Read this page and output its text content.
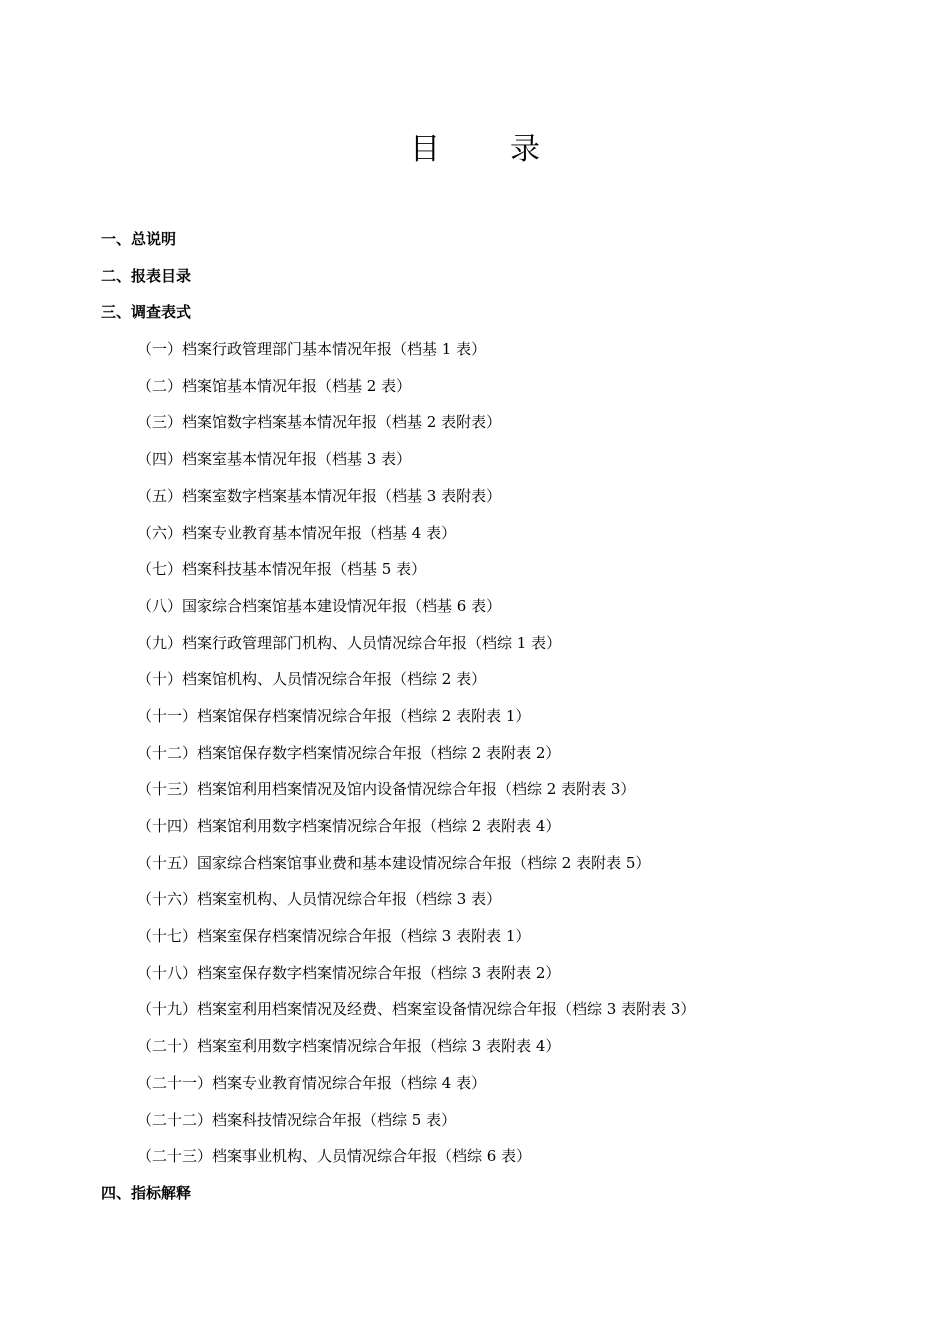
目 录
一、总说明
二、报表目录
三、调查表式
（一）档案行政管理部门基本情况年报（档基 1 表）
（二）档案馆基本情况年报（档基 2 表）
（三）档案馆数字档案基本情况年报（档基 2 表附表）
（四）档案室基本情况年报（档基 3 表）
（五）档案室数字档案基本情况年报（档基 3 表附表）
（六）档案专业教育基本情况年报（档基 4 表）
（七）档案科技基本情况年报（档基 5 表）
（八）国家综合档案馆基本建设情况年报（档基 6 表）
（九）档案行政管理部门机构、人员情况综合年报（档综 1 表）
（十）档案馆机构、人员情况综合年报（档综 2 表）
（十一）档案馆保存档案情况综合年报（档综 2 表附表 1）
（十二）档案馆保存数字档案情况综合年报（档综 2 表附表 2）
（十三）档案馆利用档案情况及馆内设备情况综合年报（档综 2 表附表 3）
（十四）档案馆利用数字档案情况综合年报（档综 2 表附表 4）
（十五）国家综合档案馆事业费和基本建设情况综合年报（档综 2 表附表 5）
（十六）档案室机构、人员情况综合年报（档综 3 表）
（十七）档案室保存档案情况综合年报（档综 3 表附表 1）
（十八）档案室保存数字档案情况综合年报（档综 3 表附表 2）
（十九）档案室利用档案情况及经费、档案室设备情况综合年报（档综 3 表附表 3）
（二十）档案室利用数字档案情况综合年报（档综 3 表附表 4）
（二十一）档案专业教育情况综合年报（档综 4 表）
（二十二）档案科技情况综合年报（档综 5 表）
（二十三）档案事业机构、人员情况综合年报（档综 6 表）
四、指标解释
